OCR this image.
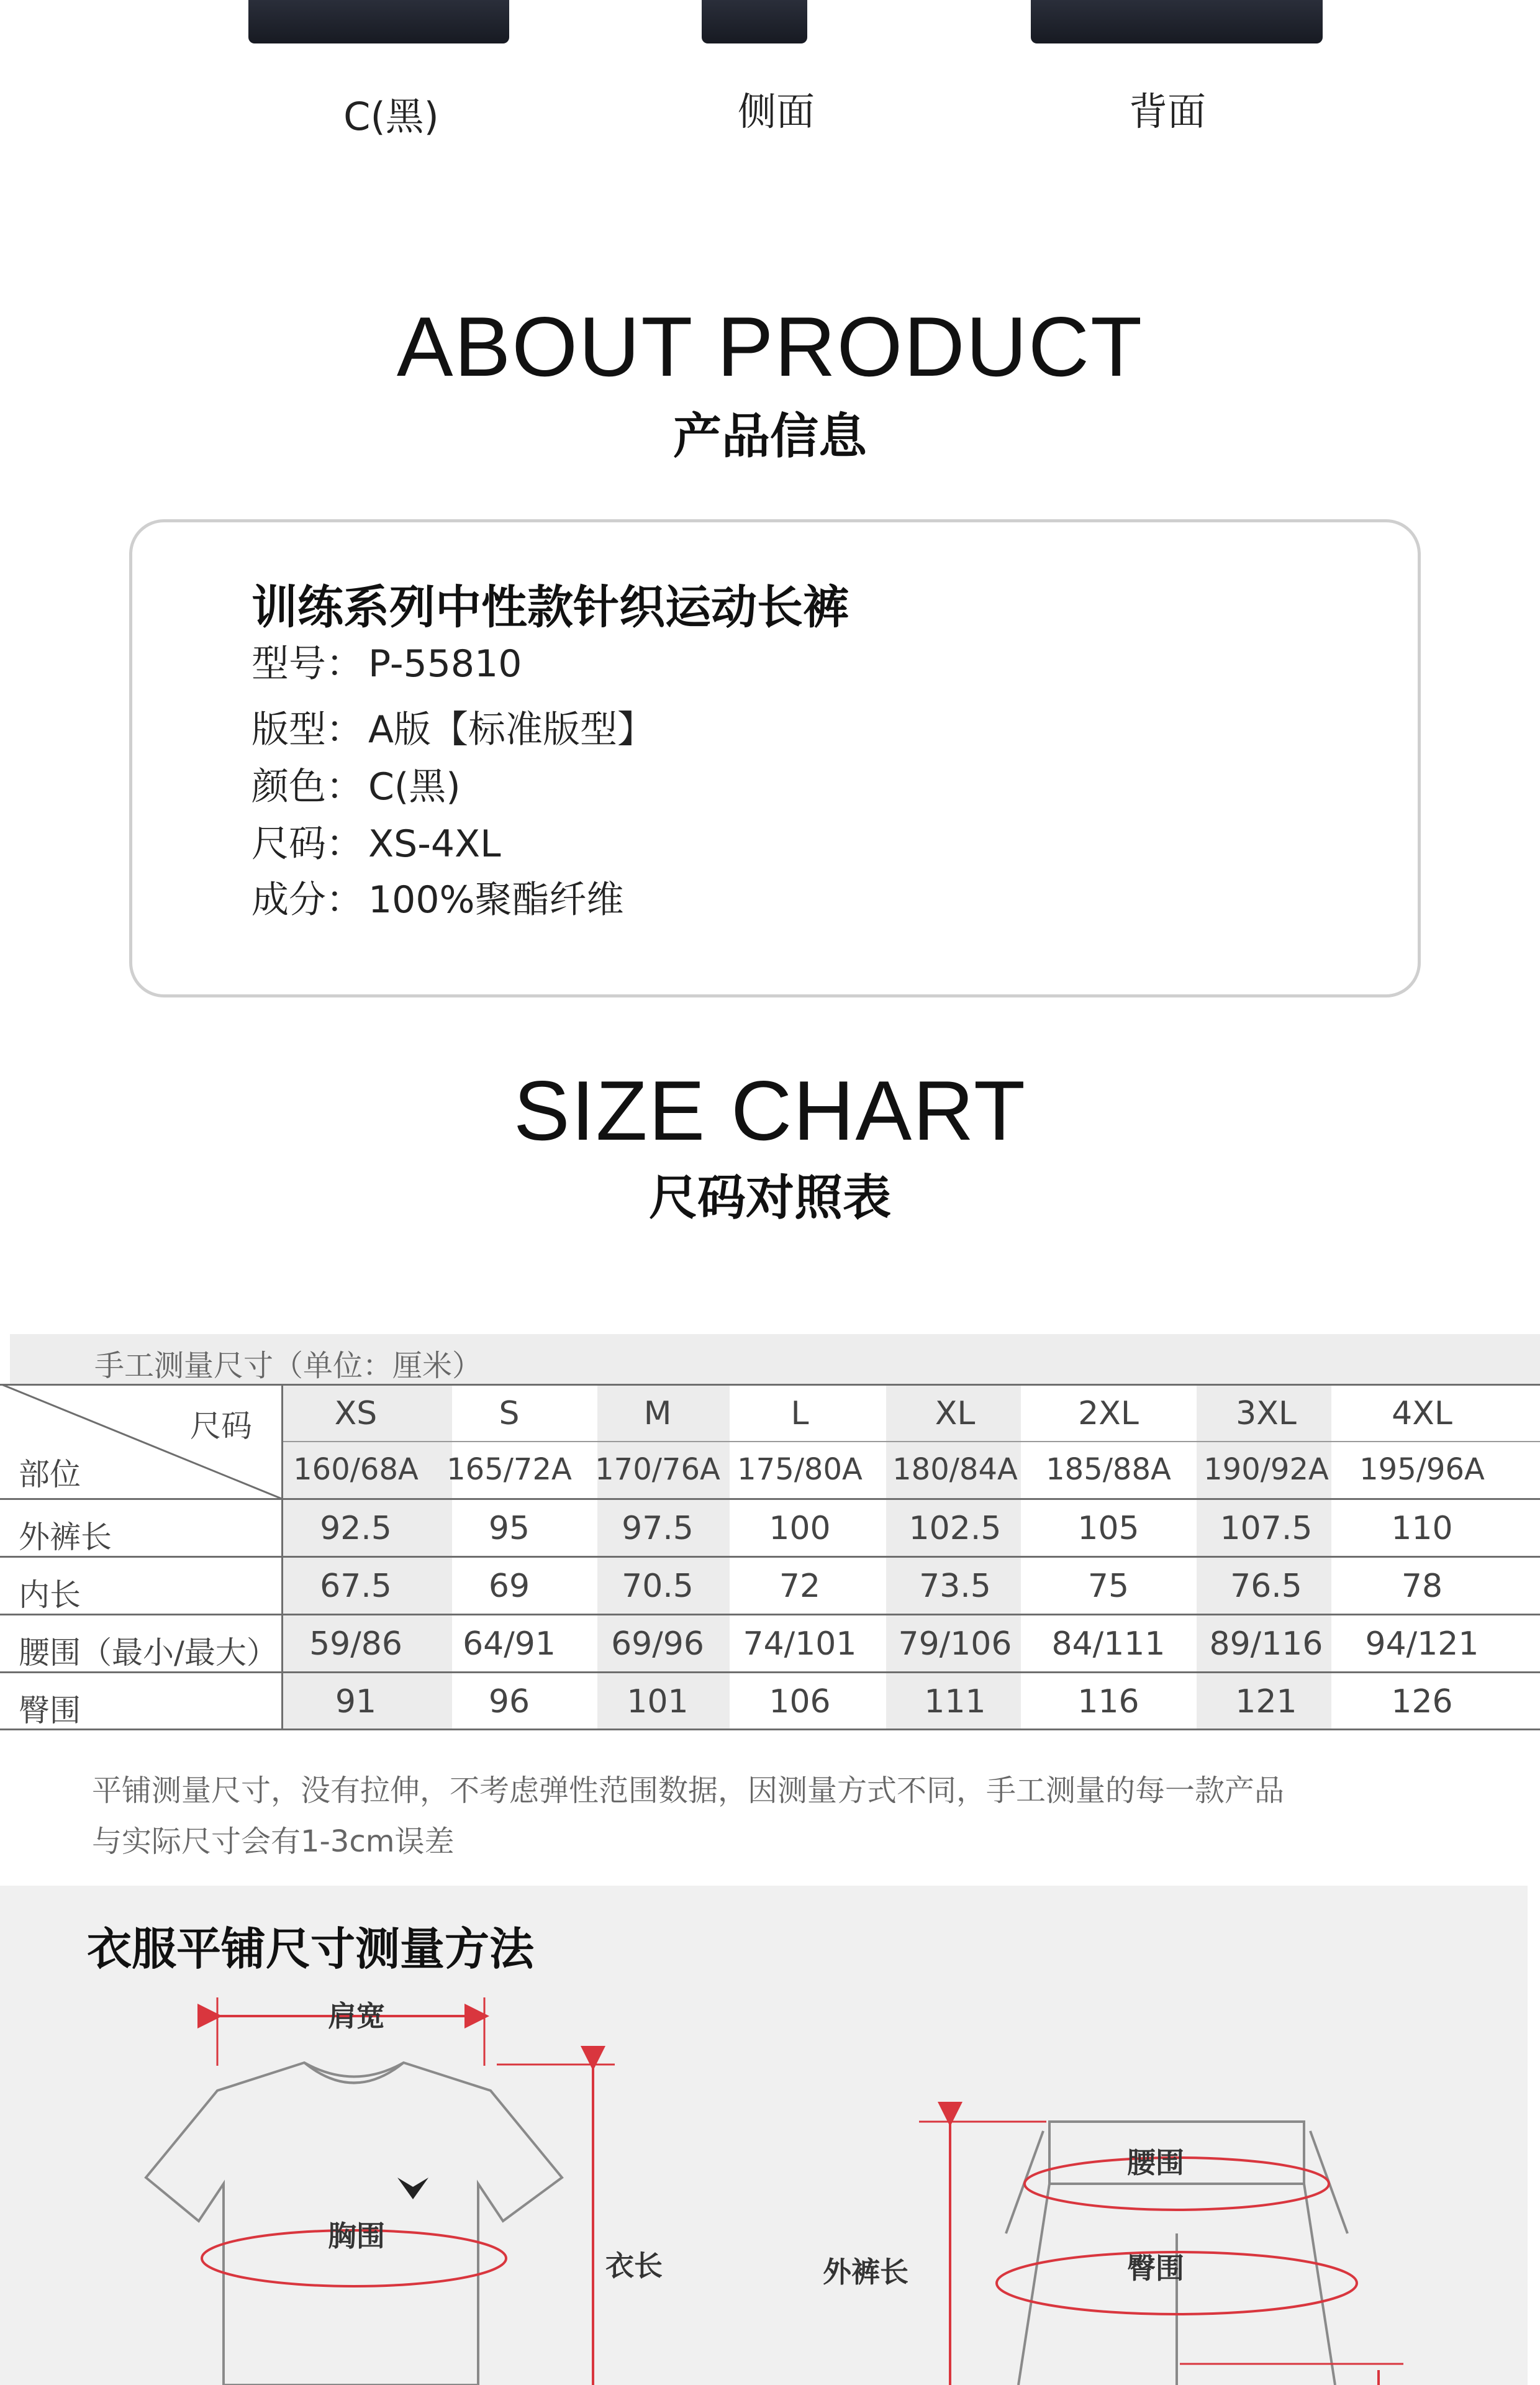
C(黑)	侧面	背面
ABOUT PRODUCT
产品信息
训练系列中性款针织运动长裤
型号： P-55810
版型： A版【标准版型】
颜色： C(黑)
尺码： XS-4XL
成分： 100%聚酯纤维
SIZE CHART
尺码对照表
手工测量尺寸（单位：厘米）
尺码
部位
XS	S	M	L	XL	2XL	3XL	4XL
160/68A 165/72A 170/76A 175/80A	180/84A 185/88A	190/92A	195/96A
外裤长	92.5	95	97.5	100	102.5	105	107.5	110
内长	67.5	69	70.5	72	73.5	75	76.5	78
腰围（最小/最大） 59/86	64/91	69/96	74/101 79/106 84/111 89/116 94/121
臀围	91	96	101	106	111	116	121	126
平铺测量尺寸，没有拉伸，不考虑弹性范围数据，因测量方式不同，手工测量的每一款产品
与实际尺寸会有1-3cm误差
衣服平铺尺寸测量方法
肩宽
胸围
衣长
腰围
臀围
外裤长
